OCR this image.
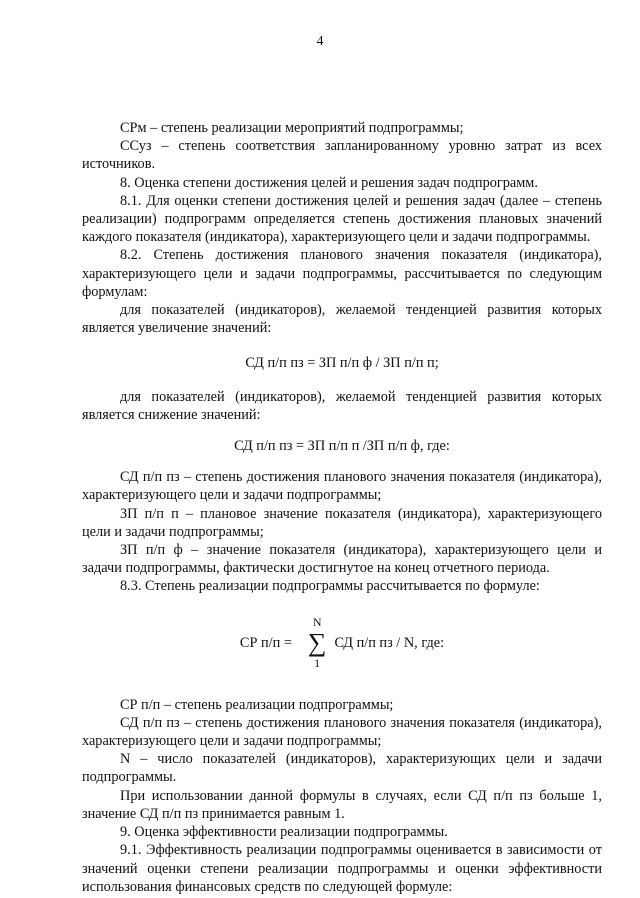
4

СРм – степень реализации мероприятий подпрограммы;

ССуз – степень соответствия запланированному уровню затрат из всех источников.

8. Оценка степени достижения целей и решения задач подпрограмм.

8.1. Для оценки степени достижения целей и решения задач (далее – степень реализации) подпрограмм определяется степень достижения плановых значений каждого показателя (индикатора), характеризующего цели и задачи подпрограммы.

8.2. Степень достижения планового значения показателя (индикатора), характеризующего цели и задачи подпрограммы, рассчитывается по следующим формулам:

для показателей (индикаторов), желаемой тенденцией развития которых является увеличение значений:

СД п/п пз = ЗП п/п ф / ЗП п/п п;

для показателей (индикаторов), желаемой тенденцией развития которых является снижение значений:

СД п/п пз = ЗП п/п п /ЗП п/п ф, где:

СД п/п пз – степень достижения планового значения показателя (индикатора), характеризующего цели и задачи подпрограммы;

ЗП п/п п – плановое значение показателя (индикатора), характеризующего цели и задачи подпрограммы;

ЗП п/п ф – значение показателя (индикатора), характеризующего цели и задачи подпрограммы, фактически достигнутое на конец отчетного периода.

8.3. Степень реализации подпрограммы рассчитывается по формуле:

СР п/п =
N
∑
1
СД п/п пз / N, где:

СР п/п – степень реализации подпрограммы;

СД п/п пз – степень достижения планового значения показателя (индикатора), характеризующего цели и задачи подпрограммы;

N – число показателей (индикаторов), характеризующих цели и задачи подпрограммы.

При использовании данной формулы в случаях, если СД п/п пз больше 1, значение СД п/п пз принимается равным 1.

9. Оценка эффективности реализации подпрограммы.

9.1. Эффективность реализации подпрограммы оценивается в зависимости от значений оценки степени реализации подпрограммы и оценки эффективности использования финансовых средств по следующей формуле:
